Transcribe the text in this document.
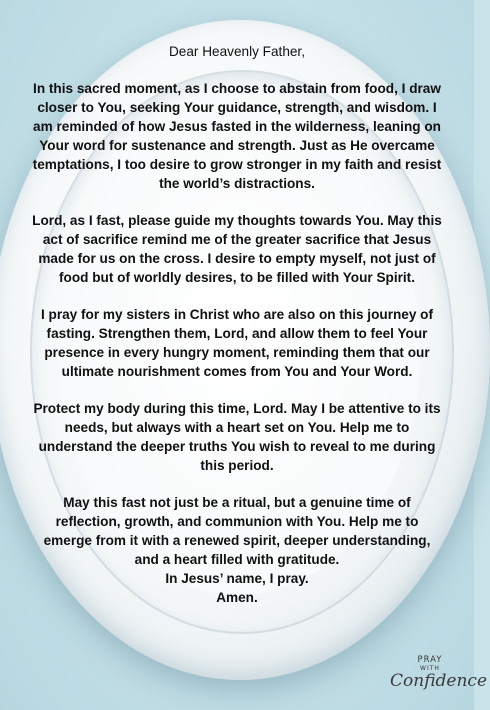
Dear Heavenly Father,

In this sacred moment, as I choose to abstain from food, I draw closer to You, seeking Your guidance, strength, and wisdom. I am reminded of how Jesus fasted in the wilderness, leaning on Your word for sustenance and strength. Just as He overcame temptations, I too desire to grow stronger in my faith and resist the world’s distractions.

Lord, as I fast, please guide my thoughts towards You. May this act of sacrifice remind me of the greater sacrifice that Jesus made for us on the cross. I desire to empty myself, not just of food but of worldly desires, to be filled with Your Spirit.

I pray for my sisters in Christ who are also on this journey of fasting. Strengthen them, Lord, and allow them to feel Your presence in every hungry moment, reminding them that our ultimate nourishment comes from You and Your Word.

Protect my body during this time, Lord. May I be attentive to its needs, but always with a heart set on You. Help me to understand the deeper truths You wish to reveal to me during this period.

May this fast not just be a ritual, but a genuine time of reflection, growth, and communion with You. Help me to emerge from it with a renewed spirit, deeper understanding, and a heart filled with gratitude.

In Jesus’ name, I pray.

Amen.

PRAY
WITH
Confidence
